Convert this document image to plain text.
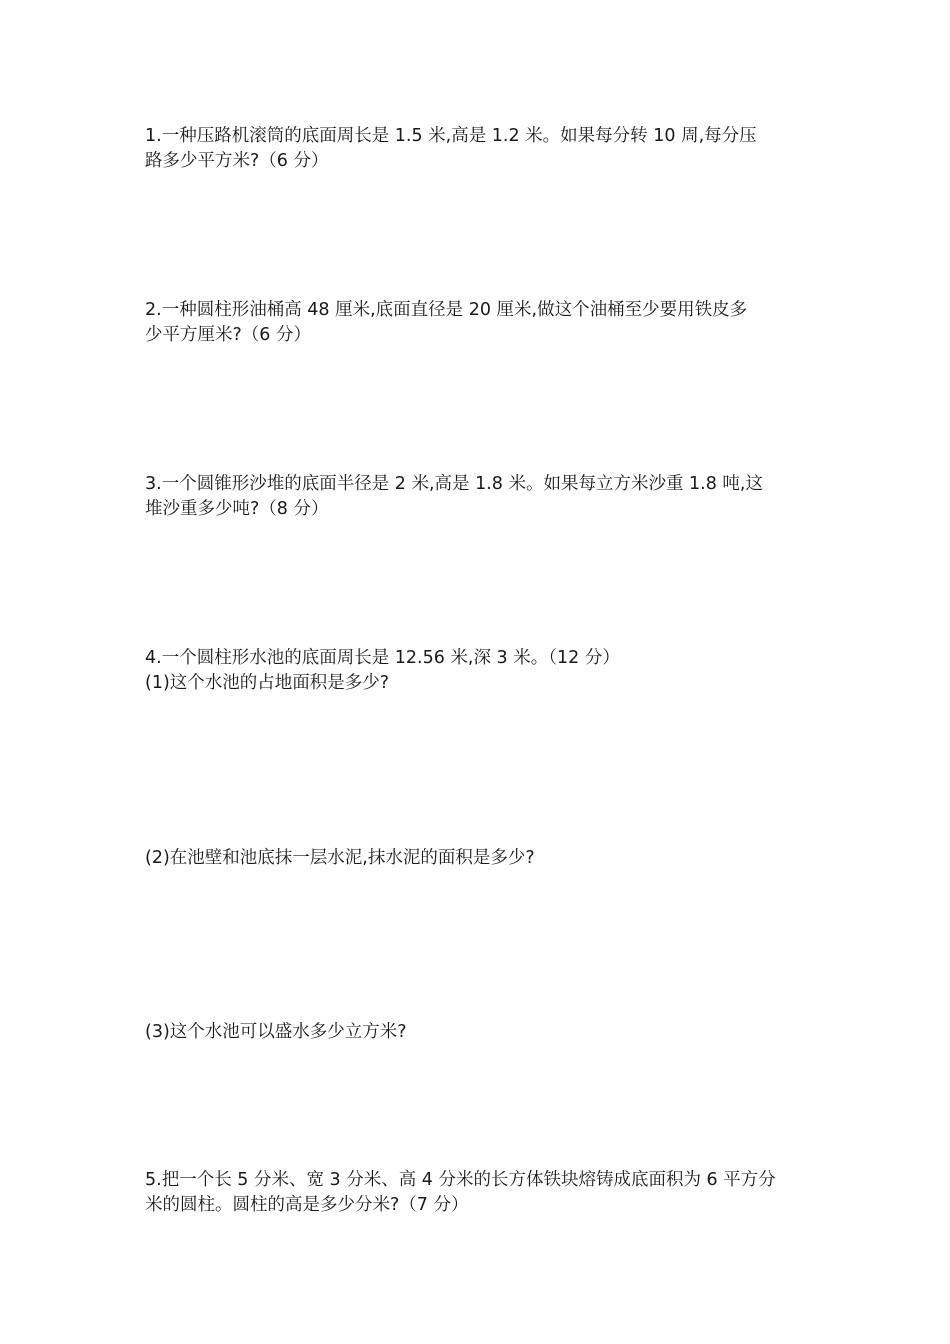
1.一种压路机滚筒的底面周长是 1.5 米,高是 1.2 米。如果每分转 10 周,每分压
路多少平方米?（6 分）
2.一种圆柱形油桶高 48 厘米,底面直径是 20 厘米,做这个油桶至少要用铁皮多
少平方厘米?（6 分）
3.一个圆锥形沙堆的底面半径是 2 米,高是 1.8 米。如果每立方米沙重 1.8 吨,这
堆沙重多少吨?（8 分）
4.一个圆柱形水池的底面周长是 12.56 米,深 3 米。（12 分）
(1)这个水池的占地面积是多少?
(2)在池壁和池底抹一层水泥,抹水泥的面积是多少?
(3)这个水池可以盛水多少立方米?
5.把一个长 5 分米、宽 3 分米、高 4 分米的长方体铁块熔铸成底面积为 6 平方分
米的圆柱。圆柱的高是多少分米?（7 分）
